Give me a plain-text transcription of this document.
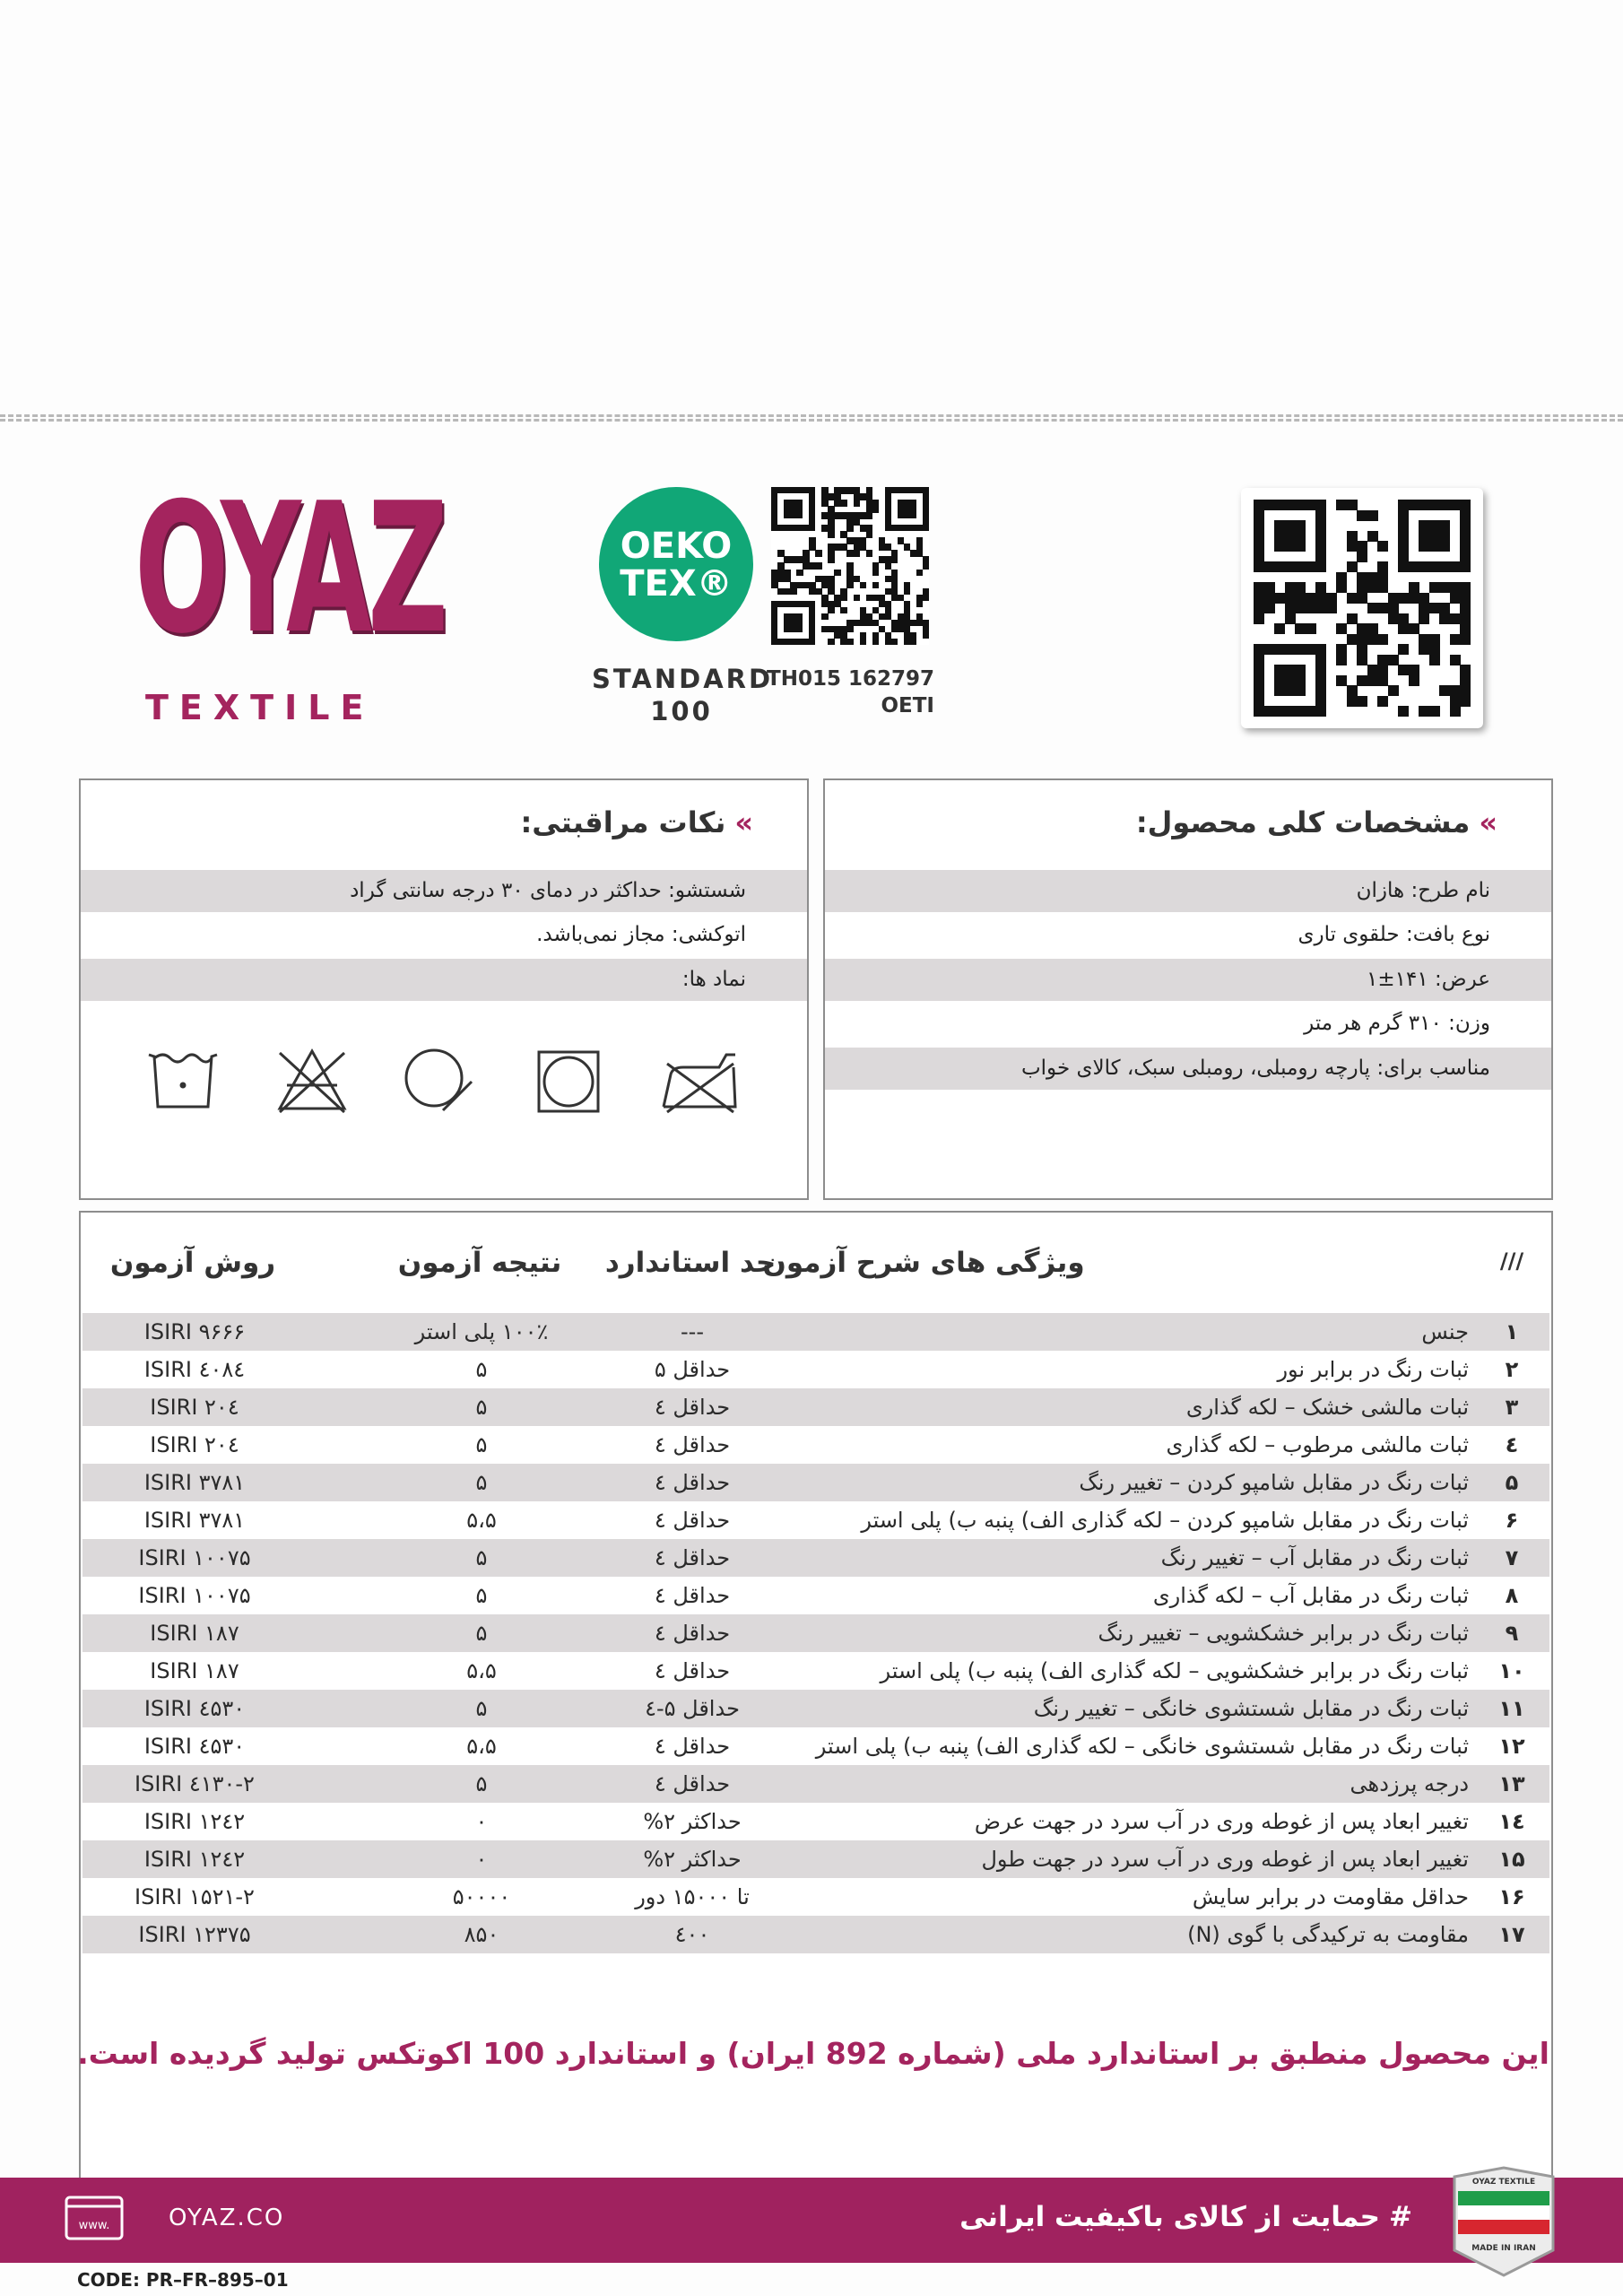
OYAZ
TEXTILE
OEKO
TEX®
STANDARD
100
TH015 162797
OETI
»نکات مراقبتی:
شستشو: حداکثر در دمای ۳۰ درجه سانتی گراد
اتوکشی: مجاز نمی‌باشد.
نماد ها:
»مشخصات کلی محصول:
نام طرح: هازان
نوع بافت: حلقوی تاری
عرض: ۱۴۱±۱
وزن: ۳۱۰ گرم هر متر
مناسب برای: پارچه رومبلی، رومبلی سبک، کالای خواب
///
ویژگی های شرح آزمون
حد استاندارد
نتیجه آزمون
روش آزمون
۱
جنس
---
۱۰۰٪ پلی استر
ISIRI ۹۶۶۶
۲
ثبات رنگ در برابر نور
حداقل ۵
۵
ISIRI ٤۰۸٤
۳
ثبات مالشی خشک – لکه گذاری
حداقل ٤
۵
ISIRI ۲۰٤
٤
ثبات مالشی مرطوب – لکه گذاری
حداقل ٤
۵
ISIRI ۲۰٤
۵
ثبات رنگ در مقابل شامپو کردن – تغییر رنگ
حداقل ٤
۵
ISIRI ۳۷۸۱
۶
ثبات رنگ در مقابل شامپو کردن – لکه گذاری الف) پنبه ب) پلی استر
حداقل ٤
۵،۵
ISIRI ۳۷۸۱
۷
ثبات رنگ در مقابل آب – تغییر رنگ
حداقل ٤
۵
ISIRI ۱۰۰۷۵
۸
ثبات رنگ در مقابل آب – لکه گذاری
حداقل ٤
۵
ISIRI ۱۰۰۷۵
۹
ثبات رنگ در برابر خشکشویی – تغییر رنگ
حداقل ٤
۵
ISIRI ۱۸۷
۱۰
ثبات رنگ در برابر خشکشویی – لکه گذاری الف) پنبه ب) پلی استر
حداقل ٤
۵،۵
ISIRI ۱۸۷
۱۱
ثبات رنگ در مقابل شستشوی خانگی – تغییر رنگ
حداقل ۵-٤
۵
ISIRI ٤۵۳۰
۱۲
ثبات رنگ در مقابل شستشوی خانگی – لکه گذاری الف) پنبه ب) پلی استر
حداقل ٤
۵،۵
ISIRI ٤۵۳۰
۱۳
درجه پرزدهی
حداقل ٤
۵
ISIRI ٤۱۳۰-۲
۱٤
تغییر ابعاد پس از غوطه وری در آب سرد در جهت عرض
حداکثر ۲%
۰
ISIRI ۱۲٤۲
۱۵
تغییر ابعاد پس از غوطه وری در آب سرد در جهت طول
حداکثر ۲%
۰
ISIRI ۱۲٤۲
۱۶
حداقل مقاومت در برابر سایش
تا ۱۵۰۰۰ دور
۵۰۰۰۰
ISIRI ۱۵۲۱-۲
۱۷
مقاومت به ترکیدگی با گوی (N)
٤۰۰
۸۵۰
ISIRI ۱۲۳۷۵
این محصول منطبق بر استاندارد ملی (شماره 892 ایران) و استاندارد 100 اکوتکس تولید گردیده است.
www.	OYAZ.CO	#حمایت از کالای باکیفیت ایرانی
OYAZ TEXTILE
MADE IN IRAN
CODE: PR–FR–895–01
